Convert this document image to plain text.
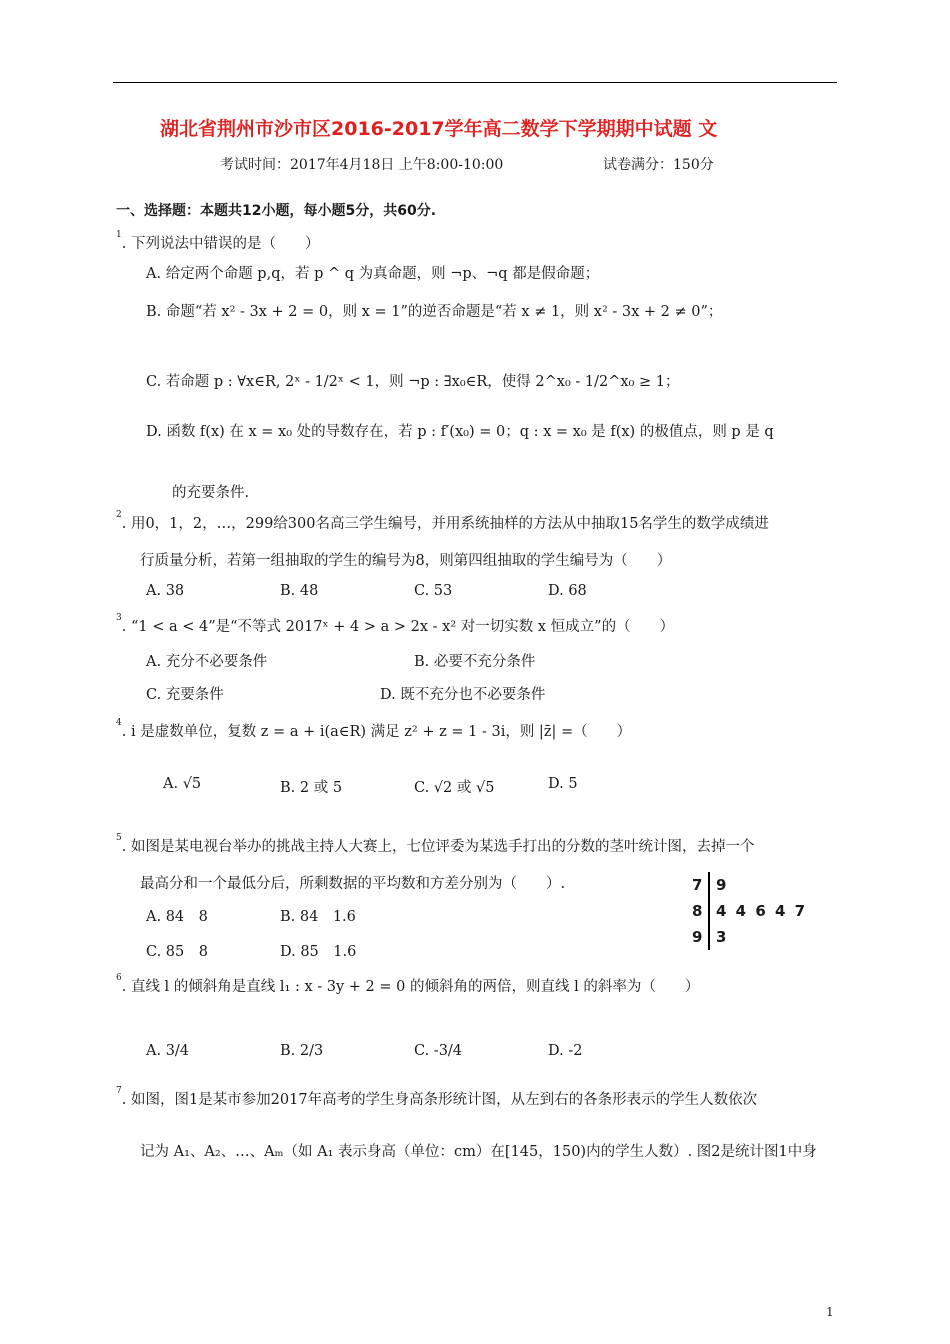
湖北省荆州市沙市区2016-2017学年高二数学下学期期中试题 文
考试时间：2017年4月18日 上午8:00-10:00	试卷满分：150分
一、选择题：本题共12小题，每小题5分，共60分.
$^1$. 下列说法中错误的是（　　）
A. 给定两个命题 p,q，若 p ^ q 为真命题，则 ¬p、¬q 都是假命题；
B. 命题“若 x² - 3x + 2 = 0，则 x = 1”的逆否命题是“若 x ≠ 1，则 x² - 3x + 2 ≠ 0”；
C. 若命题 p : ∀x∈R, 2ˣ - 1/2ˣ < 1，则 ¬p : ∃x₀∈R，使得 2^x₀ - 1/2^x₀ ≥ 1；
D. 函数 f(x) 在 x = x₀ 处的导数存在，若 p : f′(x₀) = 0；q : x = x₀ 是 f(x) 的极值点，则 p 是 q
的充要条件.
$^2$. 用0，1，2，…，299给300名高三学生编号，并用系统抽样的方法从中抽取15名学生的数学成绩进
行质量分析，若第一组抽取的学生的编号为8，则第四组抽取的学生编号为（　　）
A. 38	B. 48	C. 53	D. 68
$^3$. “1 < a < 4”是“不等式 2017ˣ + 4 > a > 2x - x² 对一切实数 x 恒成立”的（　　）
A. 充分不必要条件	B. 必要不充分条件
C. 充要条件	D. 既不充分也不必要条件
$^4$. i 是虚数单位，复数 z = a + i(a∈R) 满足 z² + z = 1 - 3i，则 |z̄| =（　　）
A. √5	B. 2 或 5	C. √2 或 √5	D. 5
$^5$. 如图是某电视台举办的挑战主持人大赛上，七位评委为某选手打出的分数的茎叶统计图，去掉一个
最高分和一个最低分后，所剩数据的平均数和方差分别为（　　）.
A. 84　8	B. 84　1.6
C. 85　8	D. 85　1.6
7 9
8 4 4 6 4 7
9 3
$^6$. 直线 l 的倾斜角是直线 l₁ : x - 3y + 2 = 0 的倾斜角的两倍，则直线 l 的斜率为（　　）
A. 3/4	B. 2/3	C. -3/4	D. -2
$^7$. 如图，图1是某市参加2017年高考的学生身高条形统计图，从左到右的各条形表示的学生人数依次
记为 A₁、A₂、…、Aₘ（如 A₁ 表示身高（单位：cm）在[145，150)内的学生人数）. 图2是统计图1中身
1
